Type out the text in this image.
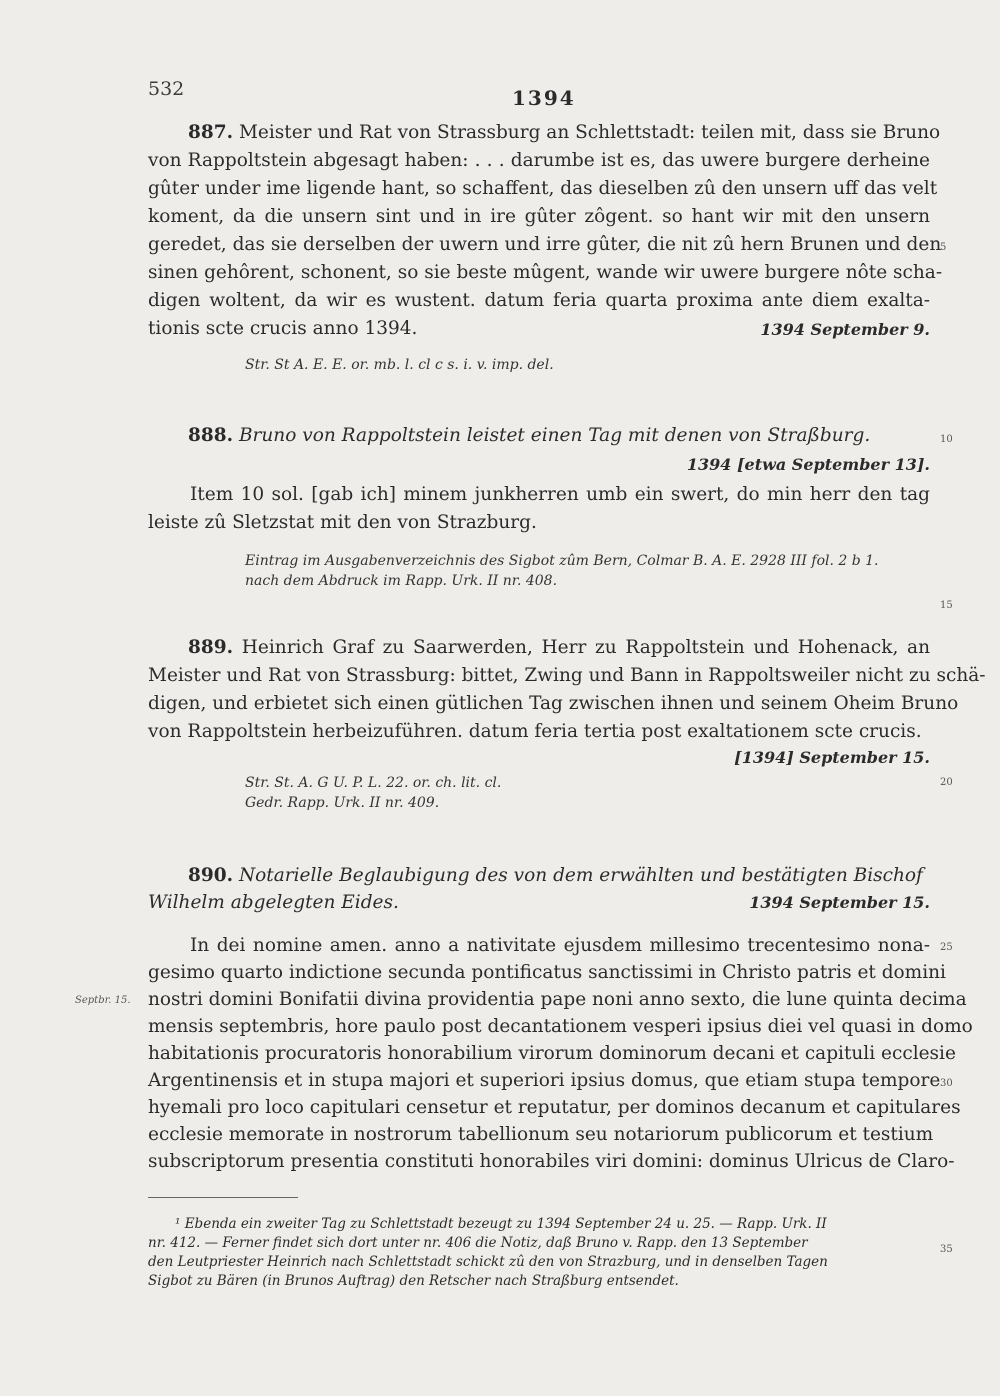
532	1394
887. Meister und Rat von Strassburg an Schlettstadt: teilen mit, dass sie Bruno
von Rappoltstein abgesagt haben: . . . darumbe ist es, das uwere burgere derheine
gûter under ime ligende hant, so schaffent, das dieselben zû den unsern uff das velt
koment, da die unsern sint und in ire gûter zôgent. so hant wir mit den unsern
geredet, das sie derselben der uwern und irre gûter, die nit zû hern Brunen und den
sinen gehôrent, schonent, so sie beste mûgent, wande wir uwere burgere nôte scha-
digen woltent, da wir es wustent. datum feria quarta proxima ante diem exalta-
tionis scte crucis anno 1394.	1394 September 9.
Str. St A. E. E. or. mb. l. cl c s. i. v. imp. del.
888. Bruno von Rappoltstein leistet einen Tag mit denen von Straßburg.
1394 [etwa September 13].
Item 10 sol. [gab ich] minem junkherren umb ein swert, do min herr den tag
leiste zû Sletzstat mit den von Strazburg.
Eintrag im Ausgabenverzeichnis des Sigbot zûm Bern, Colmar B. A. E. 2928 III fol. 2 b 1.
nach dem Abdruck im Rapp. Urk. II nr. 408.
889. Heinrich Graf zu Saarwerden, Herr zu Rappoltstein und Hohenack, an
Meister und Rat von Strassburg: bittet, Zwing und Bann in Rappoltsweiler nicht zu schä-
digen, und erbietet sich einen gütlichen Tag zwischen ihnen und seinem Oheim Bruno
von Rappoltstein herbeizuführen. datum feria tertia post exaltationem scte crucis.
[1394] September 15.
Str. St. A. G U. P. L. 22. or. ch. lit. cl.
Gedr. Rapp. Urk. II nr. 409.
890. Notarielle Beglaubigung des von dem erwählten und bestätigten Bischof
Wilhelm abgelegten Eides.	1394 September 15.
In dei nomine amen. anno a nativitate ejusdem millesimo trecentesimo nona-
gesimo quarto indictione secunda pontificatus sanctissimi in Christo patris et domini
nostri domini Bonifatii divina providentia pape noni anno sexto, die lune quinta decima
mensis septembris, hore paulo post decantationem vesperi ipsius diei vel quasi in domo
habitationis procuratoris honorabilium virorum dominorum decani et capituli ecclesie
Argentinensis et in stupa majori et superiori ipsius domus, que etiam stupa tempore
hyemali pro loco capitulari censetur et reputatur, per dominos decanum et capitulares
ecclesie memorate in nostrorum tabellionum seu notariorum publicorum et testium
subscriptorum presentia constituti honorabiles viri domini: dominus Ulricus de Claro-
Septbr. 15.
5
10
15
20
25
30
35
¹ Ebenda ein zweiter Tag zu Schlettstadt bezeugt zu 1394 September 24 u. 25. — Rapp. Urk. II
nr. 412. — Ferner findet sich dort unter nr. 406 die Notiz, daß Bruno v. Rapp. den 13 September
den Leutpriester Heinrich nach Schlettstadt schickt zû den von Strazburg, und in denselben Tagen
Sigbot zu Bären (in Brunos Auftrag) den Retscher nach Straßburg entsendet.
